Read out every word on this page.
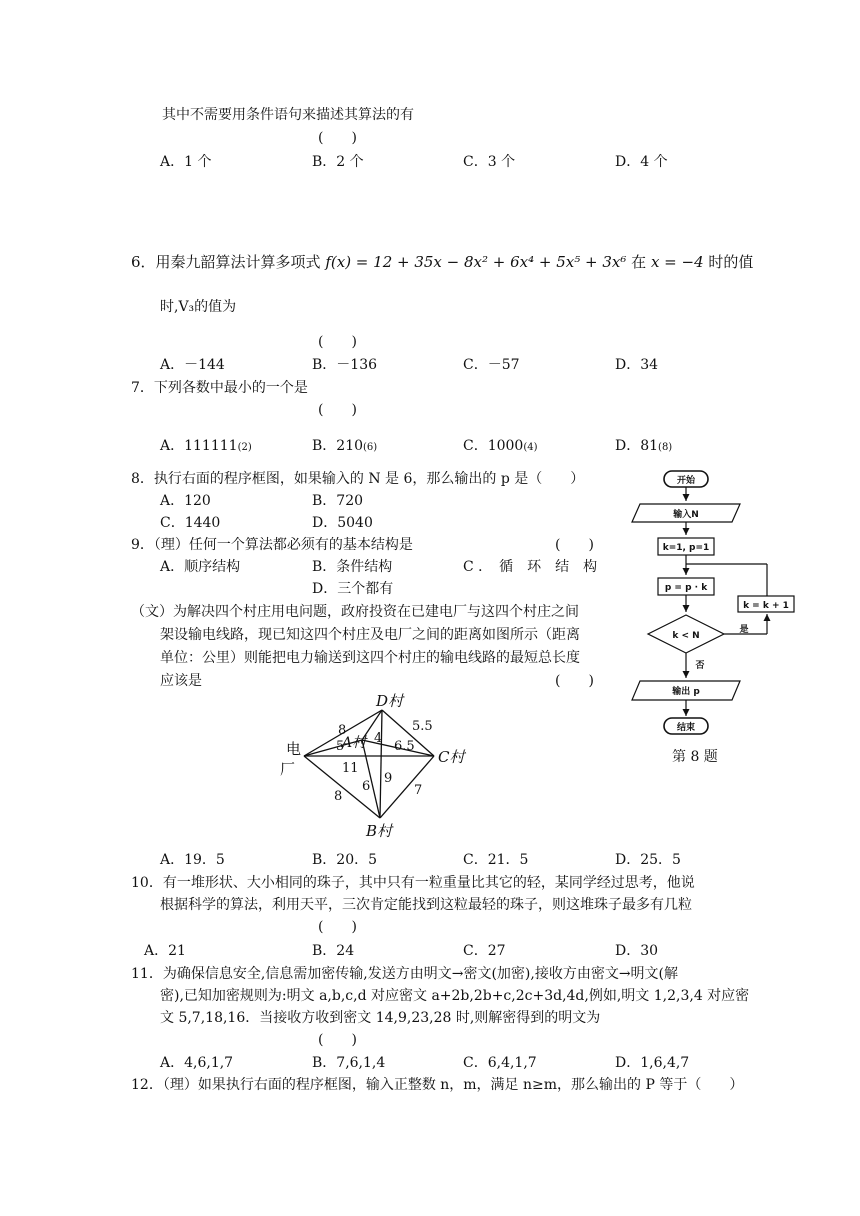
其中不需要用条件语句来描述其算法的有
(　　)
A．1 个	B．2 个	C．3 个	D．4 个
6．用秦九韶算法计算多项式 f(x) = 12 + 35x − 8x² + 6x⁴ + 5x⁵ + 3x⁶ 在 x = −4 时的值
时,V₃的值为
(　　)
A．－144	B．－136	C．－57	D．34
7．下列各数中最小的一个是
(　　)
A．111111(2)	B．210(6)	C．1000(4)	D．81(8)
8．执行右面的程序框图，如果输入的 N 是 6，那么输出的 p 是（　　）
A．120	B．720
C．1440	D．5040
9．（理）任何一个算法都必须有的基本结构是	(　　)
A．顺序结构	B．条件结构	C ．　循　环　结　构
D．三个都有
（文）为解决四个村庄用电问题，政府投资在已建电厂与这四个村庄之间
架设输电线路，现已知这四个村庄及电厂之间的距离如图所示（距离
单位：公里）则能把电力输送到这四个村庄的输电线路的最短总长度
应该是	(　　)
D村
A村
C村
B村
电
厂
8
5
4
5.5
6.5
11
6
9
8	7
A．19．5	B．20．5	C．21．5	D．25．5
开始
输入N
k=1, p=1
p = p · k
k < N
是
否
k = k + 1
输出 p
结束
第 8 题
10．有一堆形状、大小相同的珠子，其中只有一粒重量比其它的轻，某同学经过思考，他说
根据科学的算法，利用天平，三次肯定能找到这粒最轻的珠子，则这堆珠子最多有几粒
(　　)
A．21	B．24	C．27	D．30
11．为确保信息安全,信息需加密传输,发送方由明文→密文(加密),接收方由密文→明文(解
密),已知加密规则为:明文 a,b,c,d 对应密文 a+2b,2b+c,2c+3d,4d,例如,明文 1,2,3,4 对应密
文 5,7,18,16．当接收方收到密文 14,9,23,28 时,则解密得到的明文为
(　　)
A．4,6,1,7	B．7,6,1,4	C．6,4,1,7	D．1,6,4,7
12．（理）如果执行右面的程序框图，输入正整数 n，m，满足 n≥m，那么输出的 P 等于（　　）
